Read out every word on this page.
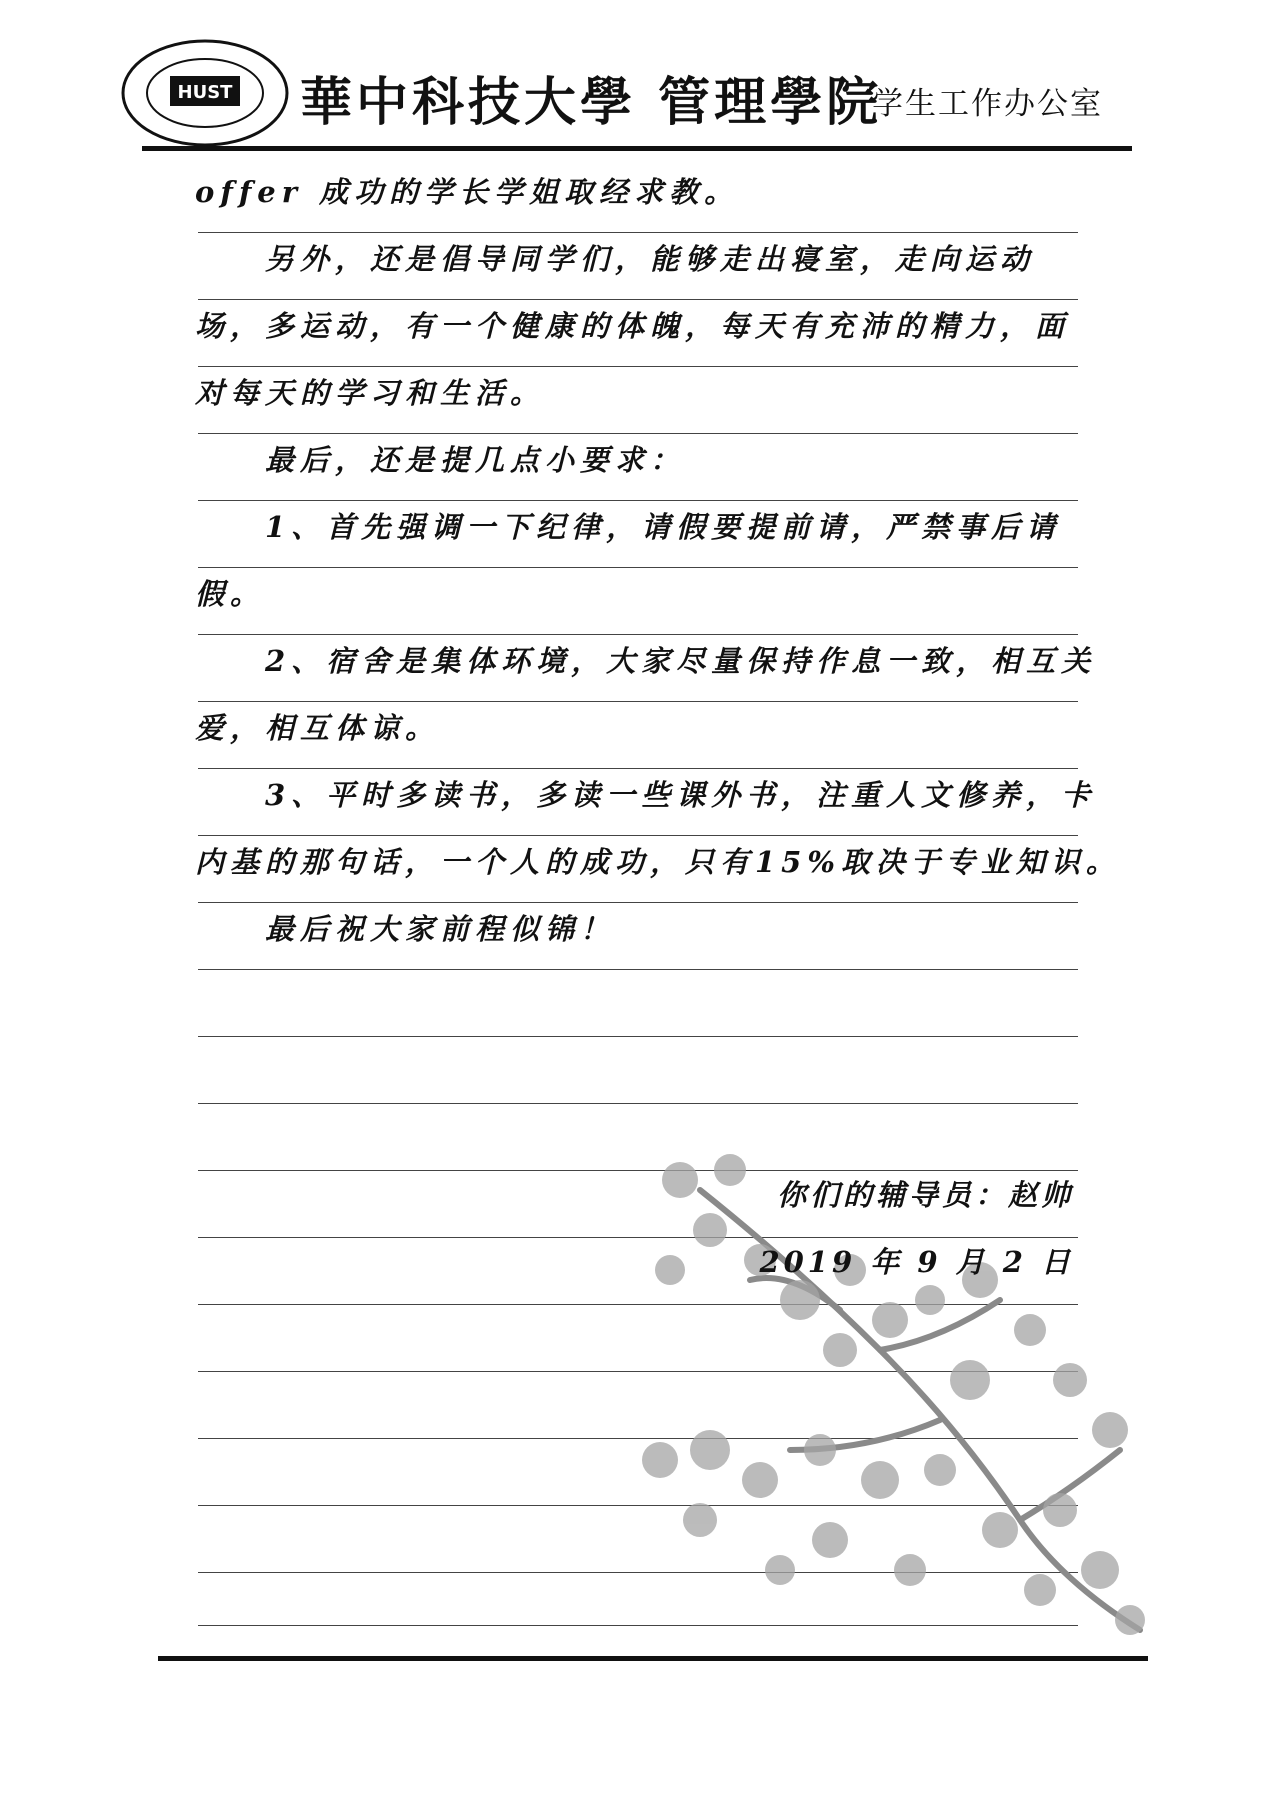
HUST 華中科技大學 管理學院
学生工作办公室
offer 成功的学长学姐取经求教。
另外，还是倡导同学们，能够走出寝室，走向运动
场，多运动，有一个健康的体魄，每天有充沛的精力，面
对每天的学习和生活。
最后，还是提几点小要求：
1、首先强调一下纪律，请假要提前请，严禁事后请
假。
2、宿舍是集体环境，大家尽量保持作息一致，相互关
爱，相互体谅。
3、平时多读书，多读一些课外书，注重人文修养，卡
内基的那句话，一个人的成功，只有15%取决于专业知识。
最后祝大家前程似锦！
你们的辅导员：赵帅
2019 年 9 月 2 日
